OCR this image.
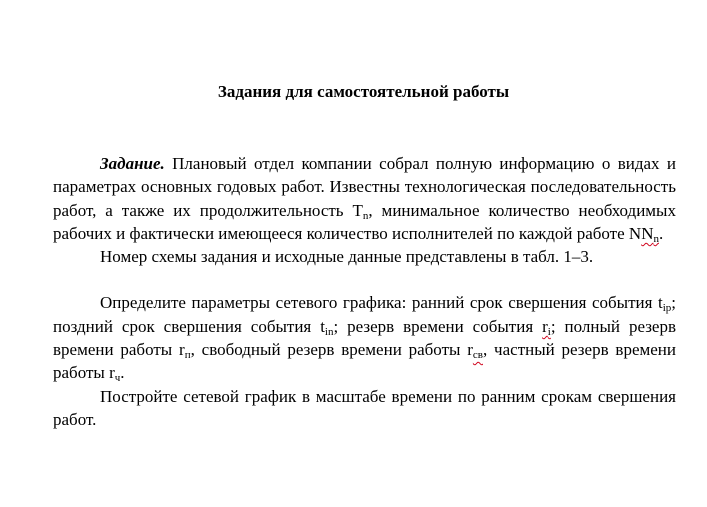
Задания для самостоятельной работы

Задание. Плановый отдел компании собрал полную информацию о видах и параметрах основных годовых работ. Известны технологическая последовательность работ, а также их продолжительность $T_n$, минимальное количество необходимых рабочих и фактически имеющееся количество исполнителей по каждой работе $NN_n$.

Номер схемы задания и исходные данные представлены в табл. 1–3.

Определите параметры сетевого графика: ранний срок свершения события $t_{ip}$; поздний срок свершения события $t_{in}$; резерв времени события $r_i$; полный резерв времени работы $r_п$, свободный резерв времени работы $r_{св}$, частный резерв времени работы $r_ч$.

Постройте сетевой график в масштабе времени по ранним срокам свершения работ.
